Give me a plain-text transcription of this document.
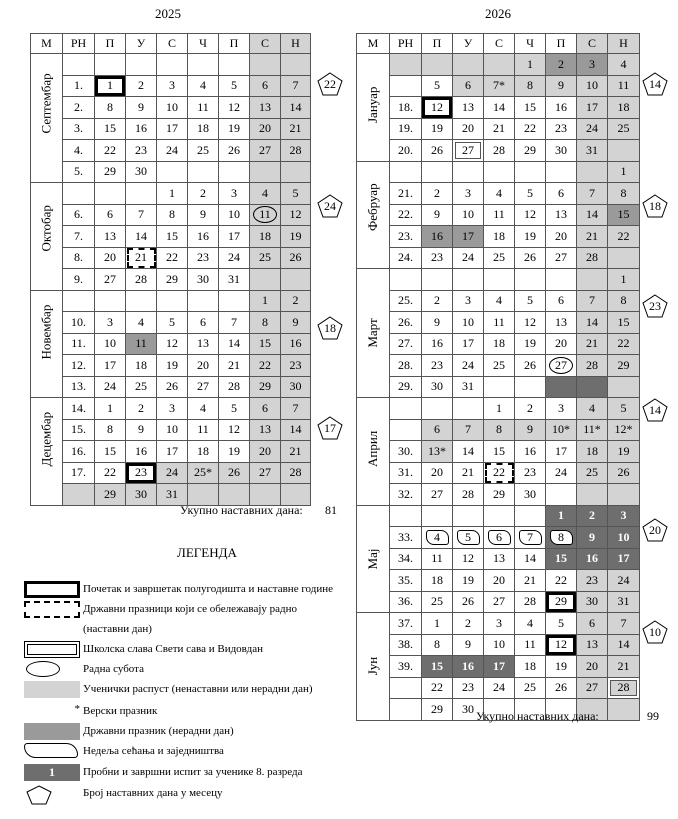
2025	2026
М	РН	П	У	С	Ч	П	С	Н

Септембар								

	1.	1	2	3	4	5	6	7
	2.	8	9	10	11	12	13	14
	3.	15	16	17	18	19	20	21
	4.	22	23	24	25	26	27	28
	5.	29	30					

Октобар				1	2	3	4	5
	6.	6	7	8	9	10	11	12
	7.	13	14	15	16	17	18	19
	8.	20	21	22	23	24	25	26
	9.	27	28	29	30	31		

Новембар							1	2
	10.	3	4	5	6	7	8	9
	11.	10	11	12	13	14	15	16
	12.	17	18	19	20	21	22	23
	13.	24	25	26	27	28	29	30

Децембар	14.	1	2	3	4	5	6	7
	15.	8	9	10	11	12	13	14
	16.	15	16	17	18	19	20	21
	17.	22	23	24	25*	26	27	28
		29	30	31				
М	РН	П	У	С	Ч	П	С	Н

Јануар					1	2	3	4
		5	6	7*	8	9	10	11
	18.	12	13	14	15	16	17	18
	19.	19	20	21	22	23	24	25
	20.	26	27	28	29	30	31	

Фебруар								1
	21.	2	3	4	5	6	7	8
	22.	9	10	11	12	13	14	15
	23.	16	17	18	19	20	21	22
	24.	23	24	25	26	27	28	

Март								1
	25.	2	3	4	5	6	7	8
	26.	9	10	11	12	13	14	15
	27.	16	17	18	19	20	21	22
	28.	23	24	25	26	27	28	29
	29.	30	31					

Април				1	2	3	4	5
		6	7	8	9	10*	11*	12*
	30.	13*	14	15	16	17	18	19
	31.	20	21	22	23	24	25	26
	32.	27	28	29	30			

Мај						1	2	3
	33.	4	5	6	7	8	9	10
	34.	11	12	13	14	15	16	17
	35.	18	19	20	21	22	23	24
	36.	25	26	27	28	29	30	31

Јун	37.	1	2	3	4	5	6	7
	38.	8	9	10	11	12	13	14
	39.	15	16	17	18	19	20	21
		22	23	24	25	26	27	28
		29	30					
Укупно наставних дана: 81
Укупно наставних дана:	99
ЛЕГЕНДА
Почетак и завршетак полугодишта и наставне године
Државни празници који се обележавају радно
(наставни дан)
Школска слава Свети сава и Видовдан
Радна субота
Ученички распуст (ненаставни или нерадни дан)
* Верски празник
Државни празник (нерадни дан)
Недеља сећања и заједништва
1	Пробни и завршни испит за ученике 8. разреда
Број наставних дана у месецу
22
24
18
17
14
18
23
14
20
10
